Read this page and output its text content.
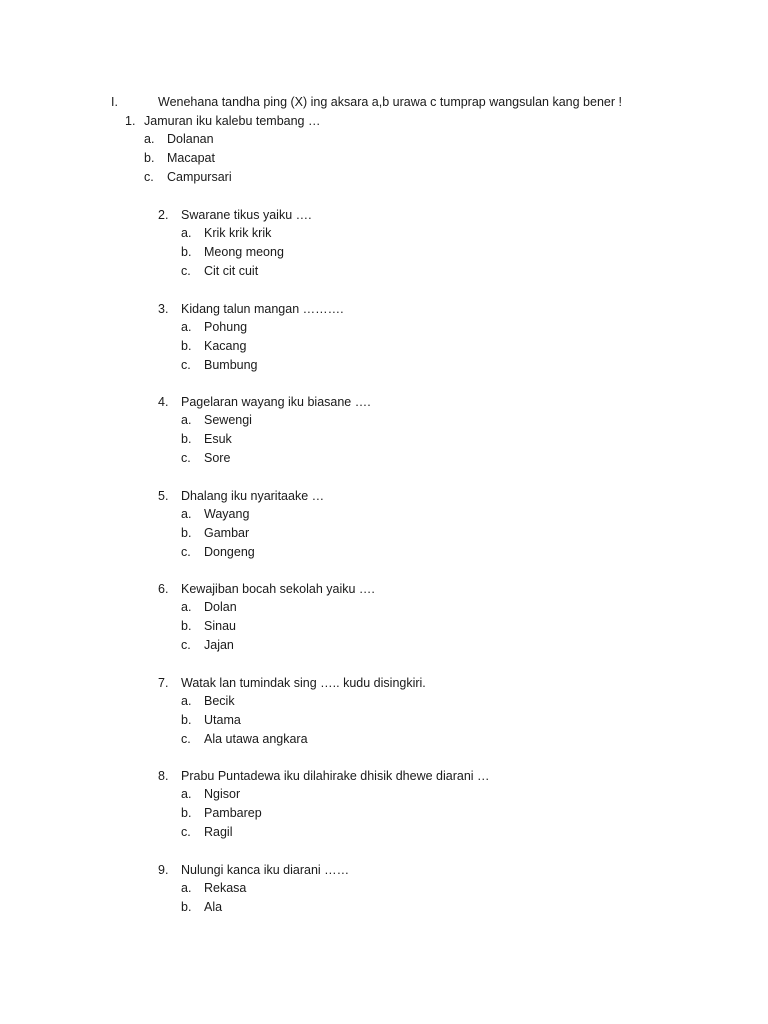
I.	Wenehana tandha ping (X) ing aksara a,b urawa c tumprap wangsulan kang bener !
1. Jamuran iku kalebu tembang …
a. Dolanan
b. Macapat
c. Campursari
2. Swarane tikus yaiku ….
a. Krik krik krik
b. Meong meong
c. Cit cit cuit
3. Kidang talun mangan ……….
a. Pohung
b. Kacang
c. Bumbung
4. Pagelaran wayang iku biasane ….
a. Sewengi
b. Esuk
c. Sore
5. Dhalang iku nyaritaake …
a. Wayang
b. Gambar
c. Dongeng
6. Kewajiban bocah sekolah yaiku ….
a. Dolan
b. Sinau
c. Jajan
7. Watak lan tumindak sing ….. kudu disingkiri.
a. Becik
b. Utama
c. Ala utawa angkara
8. Prabu Puntadewa iku dilahirake dhisik dhewe diarani …
a. Ngisor
b. Pambarep
c. Ragil
9. Nulungi kanca iku diarani ……
a. Rekasa
b. Ala
